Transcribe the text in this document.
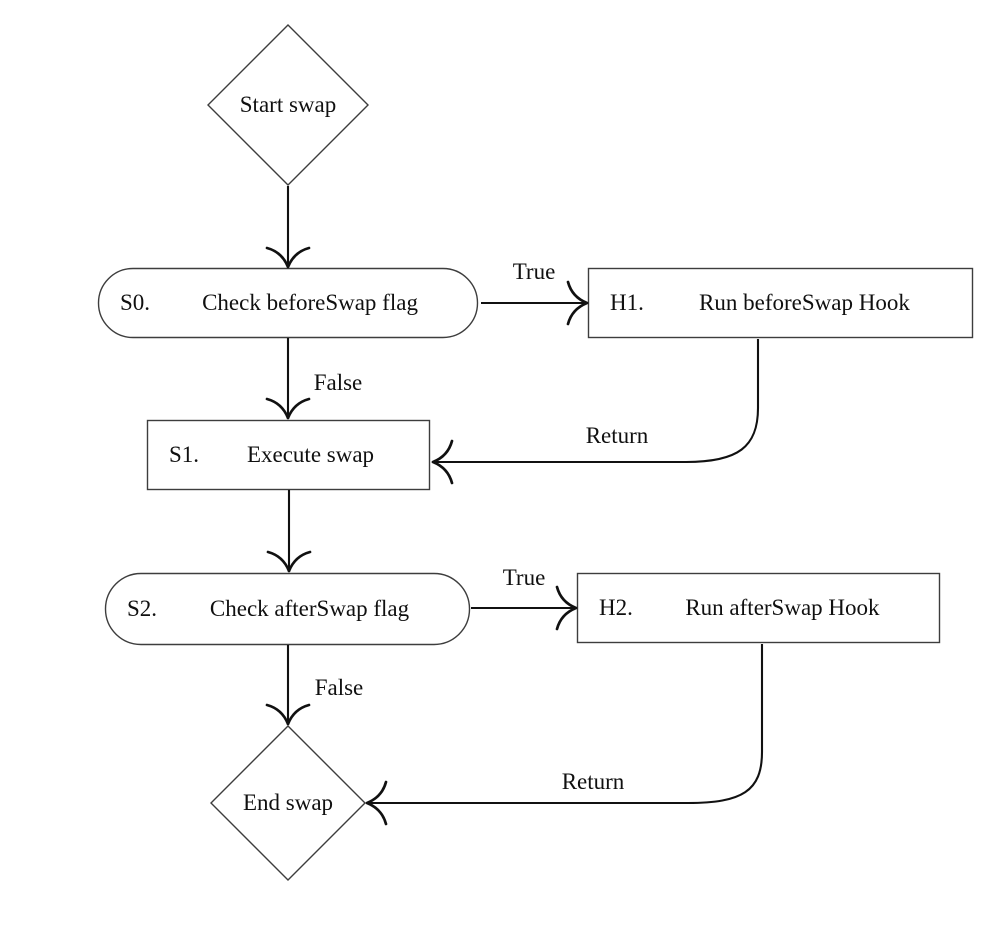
Start swap
S0.	Check beforeSwap flag	H1.	Run beforeSwap Hook
S1.	Execute swap
S2.	Check afterSwap flag	H2.	Run afterSwap Hook
End swap
True
False
Return
True
False
Return
